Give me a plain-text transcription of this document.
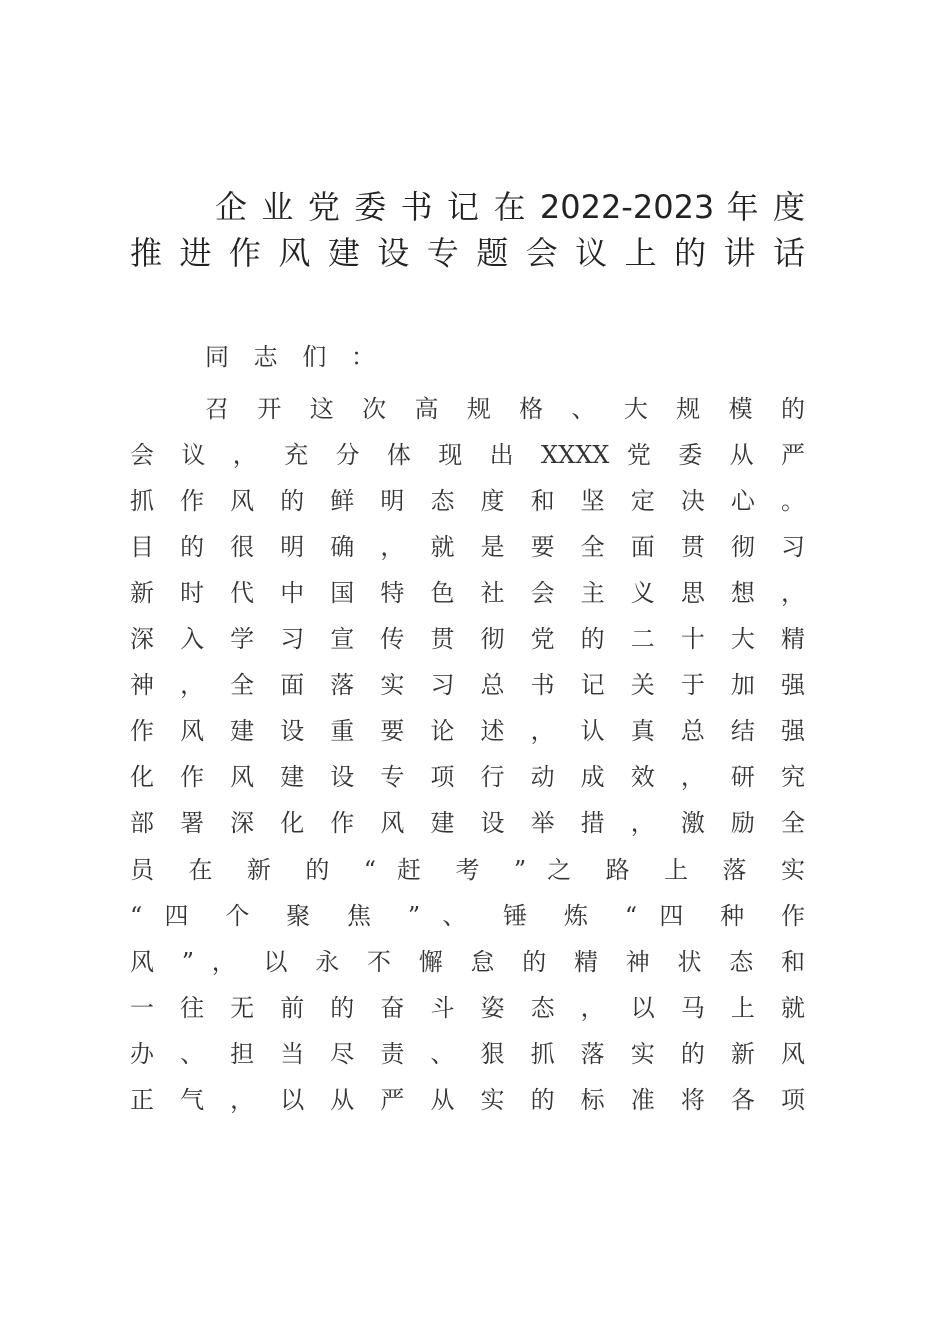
企 业 党 委 书 记 在 2022-2023 年 度
推 进 作 风 建 设 专 题 会 议 上 的 讲 话
同 志 们 ：
召 开 这 次 高 规 格 、 大 规 模 的
会 议 ， 充 分 体 现 出 XXXX 党 委 从 严
抓 作 风 的 鲜 明 态 度 和 坚 定 决 心 。
目 的 很 明 确 ， 就 是 要 全 面 贯 彻 习
新 时 代 中 国 特 色 社 会 主 义 思 想 ，
深 入 学 习 宣 传 贯 彻 党 的 二 十 大 精
神 ， 全 面 落 实 习 总 书 记 关 于 加 强
作 风 建 设 重 要 论 述 ， 认 真 总 结 强
化 作 风 建 设 专 项 行 动 成 效 ， 研 究
部 署 深 化 作 风 建 设 举 措 ， 激 励 全
员 在 新 的 “ 赶 考 ” 之 路 上 落 实
“ 四 个 聚 焦 ” 、 锤 炼 “ 四 种 作
风 ” ， 以 永 不 懈 怠 的 精 神 状 态 和
一 往 无 前 的 奋 斗 姿 态 ， 以 马 上 就
办 、 担 当 尽 责 、 狠 抓 落 实 的 新 风
正 气 ， 以 从 严 从 实 的 标 准 将 各 项
